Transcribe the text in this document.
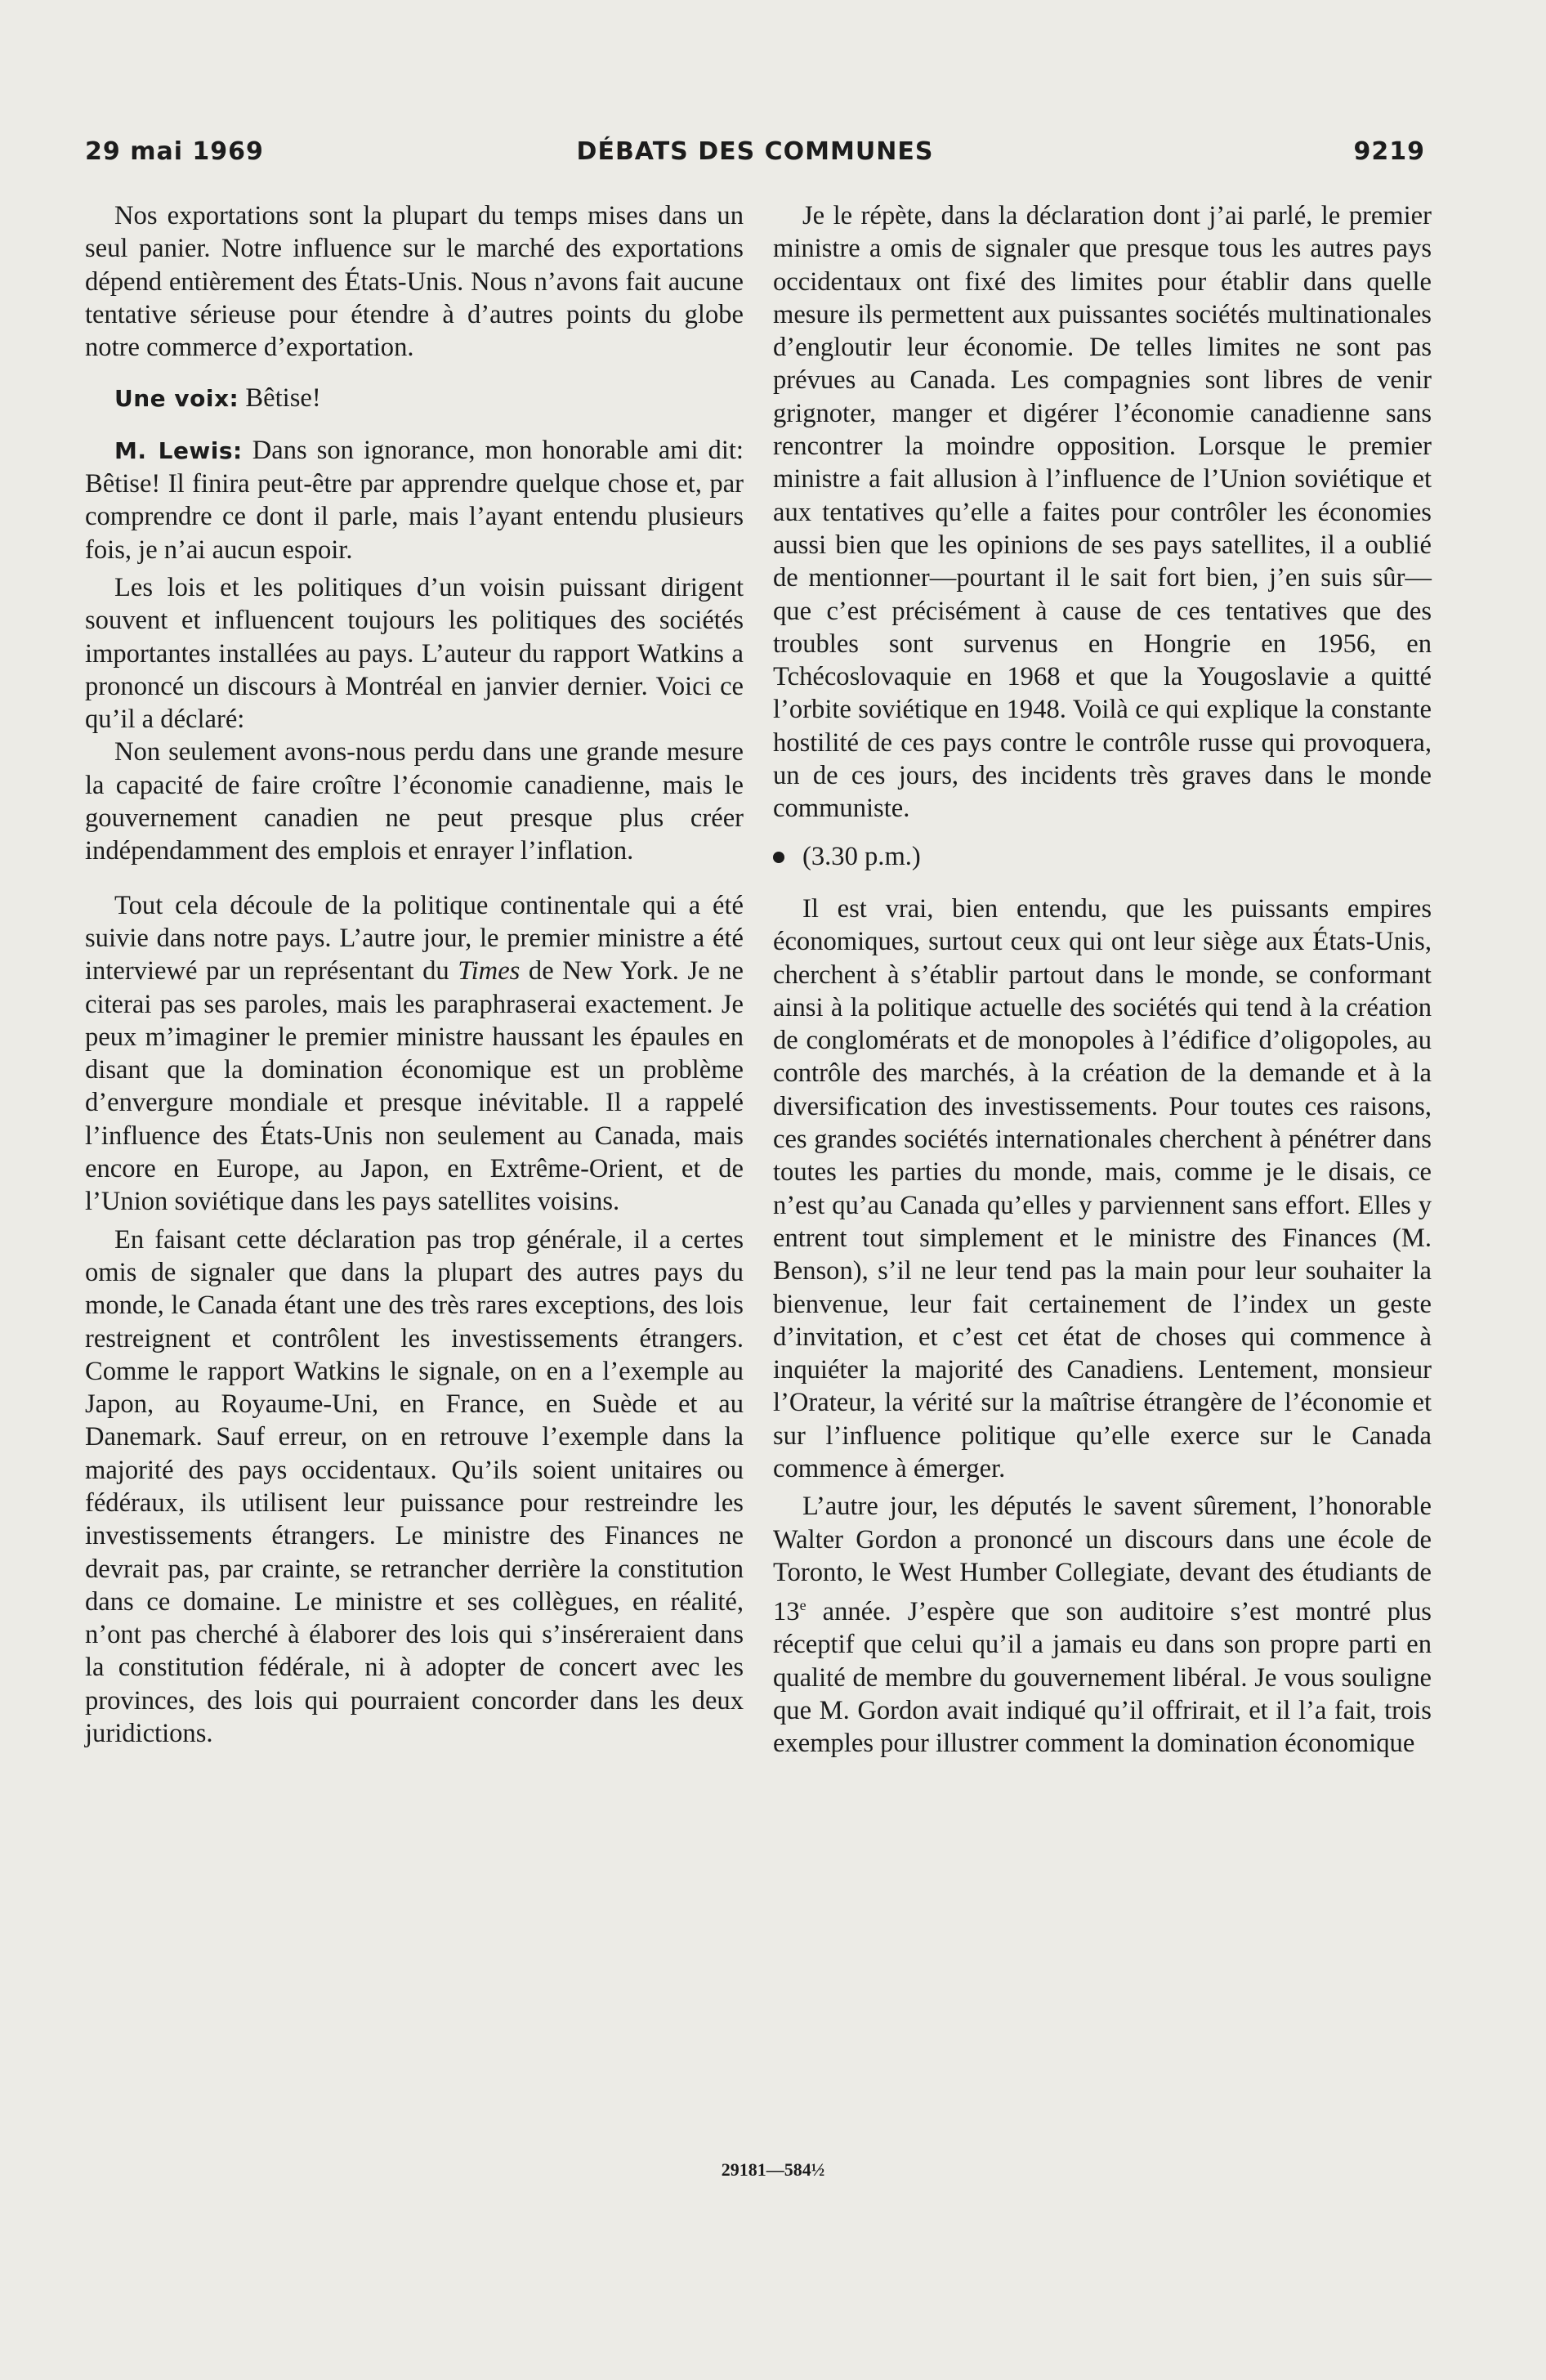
29 mai 1969	DÉBATS DES COMMUNES	9219

Nos exportations sont la plupart du temps mises dans un seul panier. Notre influence sur le marché des exportations dépend entièrement des États-Unis. Nous n’avons fait aucune tentative sérieuse pour étendre à d’autres points du globe notre commerce d’exportation.

Une voix: Bêtise!

M. Lewis: Dans son ignorance, mon honorable ami dit: Bêtise! Il finira peut-être par apprendre quelque chose et, par comprendre ce dont il parle, mais l’ayant entendu plusieurs fois, je n’ai aucun espoir.

Les lois et les politiques d’un voisin puissant dirigent souvent et influencent toujours les politiques des sociétés importantes installées au pays. L’auteur du rapport Watkins a prononcé un discours à Montréal en janvier dernier. Voici ce qu’il a déclaré:

Non seulement avons-nous perdu dans une grande mesure la capacité de faire croître l’économie canadienne, mais le gouvernement canadien ne peut presque plus créer indépendamment des emplois et enrayer l’inflation.

Tout cela découle de la politique continentale qui a été suivie dans notre pays. L’autre jour, le premier ministre a été interviewé par un représentant du Times de New York. Je ne citerai pas ses paroles, mais les paraphraserai exactement. Je peux m’imaginer le premier ministre haussant les épaules en disant que la domination économique est un problème d’envergure mondiale et presque inévitable. Il a rappelé l’influence des États-Unis non seulement au Canada, mais encore en Europe, au Japon, en Extrême-Orient, et de l’Union soviétique dans les pays satellites voisins.

En faisant cette déclaration pas trop générale, il a certes omis de signaler que dans la plupart des autres pays du monde, le Canada étant une des très rares exceptions, des lois restreignent et contrôlent les investissements étrangers. Comme le rapport Watkins le signale, on en a l’exemple au Japon, au Royaume-Uni, en France, en Suède et au Danemark. Sauf erreur, on en retrouve l’exemple dans la majorité des pays occidentaux. Qu’ils soient unitaires ou fédéraux, ils utilisent leur puissance pour restreindre les investissements étrangers. Le ministre des Finances ne devrait pas, par crainte, se retrancher derrière la constitution dans ce domaine. Le ministre et ses collègues, en réalité, n’ont pas cherché à élaborer des lois qui s’inséreraient dans la constitution fédérale, ni à adopter de concert avec les provinces, des lois qui pourraient concorder dans les deux juridictions.

Je le répète, dans la déclaration dont j’ai parlé, le premier ministre a omis de signaler que presque tous les autres pays occidentaux ont fixé des limites pour établir dans quelle mesure ils permettent aux puissantes sociétés multinationales d’engloutir leur économie. De telles limites ne sont pas prévues au Canada. Les compagnies sont libres de venir grignoter, manger et digérer l’économie canadienne sans rencontrer la moindre opposition. Lorsque le premier ministre a fait allusion à l’influence de l’Union soviétique et aux tentatives qu’elle a faites pour contrôler les économies aussi bien que les opinions de ses pays satellites, il a oublié de mentionner—pourtant il le sait fort bien, j’en suis sûr—que c’est précisément à cause de ces tentatives que des troubles sont survenus en Hongrie en 1956, en Tchécoslovaquie en 1968 et que la Yougoslavie a quitté l’orbite soviétique en 1948. Voilà ce qui explique la constante hostilité de ces pays contre le contrôle russe qui provoquera, un de ces jours, des incidents très graves dans le monde communiste.

(3.30 p.m.)

Il est vrai, bien entendu, que les puissants empires économiques, surtout ceux qui ont leur siège aux États-Unis, cherchent à s’établir partout dans le monde, se conformant ainsi à la politique actuelle des sociétés qui tend à la création de conglomérats et de monopoles à l’édifice d’oligopoles, au contrôle des marchés, à la création de la demande et à la diversification des investissements. Pour toutes ces raisons, ces grandes sociétés internationales cherchent à pénétrer dans toutes les parties du monde, mais, comme je le disais, ce n’est qu’au Canada qu’elles y parviennent sans effort. Elles y entrent tout simplement et le ministre des Finances (M. Benson), s’il ne leur tend pas la main pour leur souhaiter la bienvenue, leur fait certainement de l’index un geste d’invitation, et c’est cet état de choses qui commence à inquiéter la majorité des Canadiens. Lentement, monsieur l’Orateur, la vérité sur la maîtrise étrangère de l’économie et sur l’influence politique qu’elle exerce sur le Canada commence à émerger.

L’autre jour, les députés le savent sûrement, l’honorable Walter Gordon a prononcé un discours dans une école de Toronto, le West Humber Collegiate, devant des étudiants de 13e année. J’espère que son auditoire s’est montré plus réceptif que celui qu’il a jamais eu dans son propre parti en qualité de membre du gouvernement libéral. Je vous souligne que M. Gordon avait indiqué qu’il offrirait, et il l’a fait, trois exemples pour illustrer comment la domination économique

29181—584½
